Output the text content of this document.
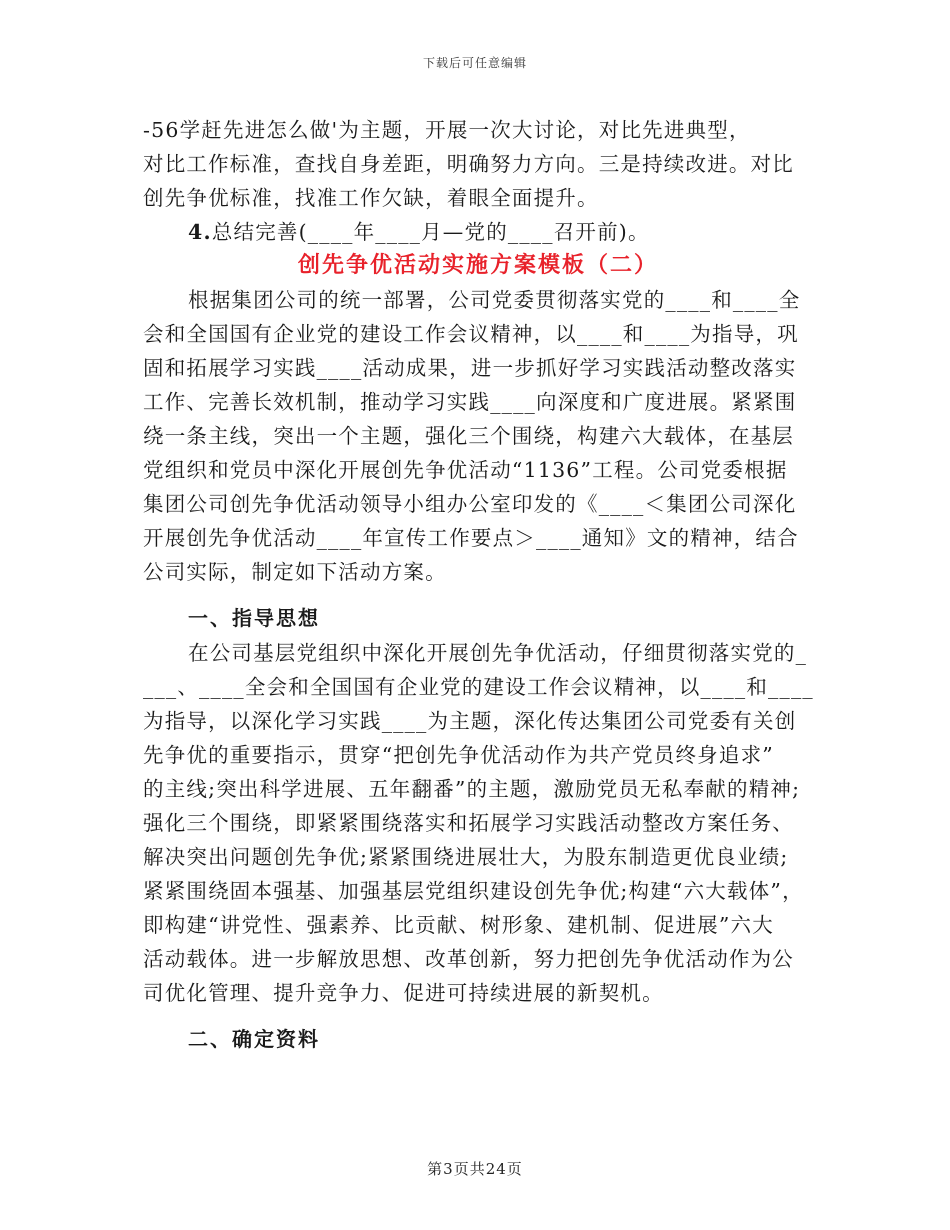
下载后可任意编辑
-56学赶先进怎么做'为主题，开展一次大讨论，对比先进典型，
对比工作标准，查找自身差距，明确努力方向。三是持续改进。对比
创先争优标准，找准工作欠缺，着眼全面提升。
4.总结完善(____年____月—党的____召开前)。
创先争优活动实施方案模板（二）
根据集团公司的统一部署，公司党委贯彻落实党的____和____全
会和全国国有企业党的建设工作会议精神，以____和____为指导，巩
固和拓展学习实践____活动成果，进一步抓好学习实践活动整改落实
工作、完善长效机制，推动学习实践____向深度和广度进展。紧紧围
绕一条主线，突出一个主题，强化三个围绕，构建六大载体，在基层
党组织和党员中深化开展创先争优活动“1136”工程。公司党委根据
集团公司创先争优活动领导小组办公室印发的《____＜集团公司深化
开展创先争优活动____年宣传工作要点＞____通知》文的精神，结合
公司实际，制定如下活动方案。
一、指导思想
在公司基层党组织中深化开展创先争优活动，仔细贯彻落实党的_
___、____全会和全国国有企业党的建设工作会议精神，以____和____
为指导，以深化学习实践____为主题，深化传达集团公司党委有关创
先争优的重要指示，贯穿“把创先争优活动作为共产党员终身追求”
的主线;突出科学进展、五年翻番”的主题，激励党员无私奉献的精神;
强化三个围绕，即紧紧围绕落实和拓展学习实践活动整改方案任务、
解决突出问题创先争优;紧紧围绕进展壮大，为股东制造更优良业绩;
紧紧围绕固本强基、加强基层党组织建设创先争优;构建“六大载体”，
即构建“讲党性、强素养、比贡献、树形象、建机制、促进展”六大
活动载体。进一步解放思想、改革创新，努力把创先争优活动作为公
司优化管理、提升竞争力、促进可持续进展的新契机。
二、确定资料
第3页共24页
